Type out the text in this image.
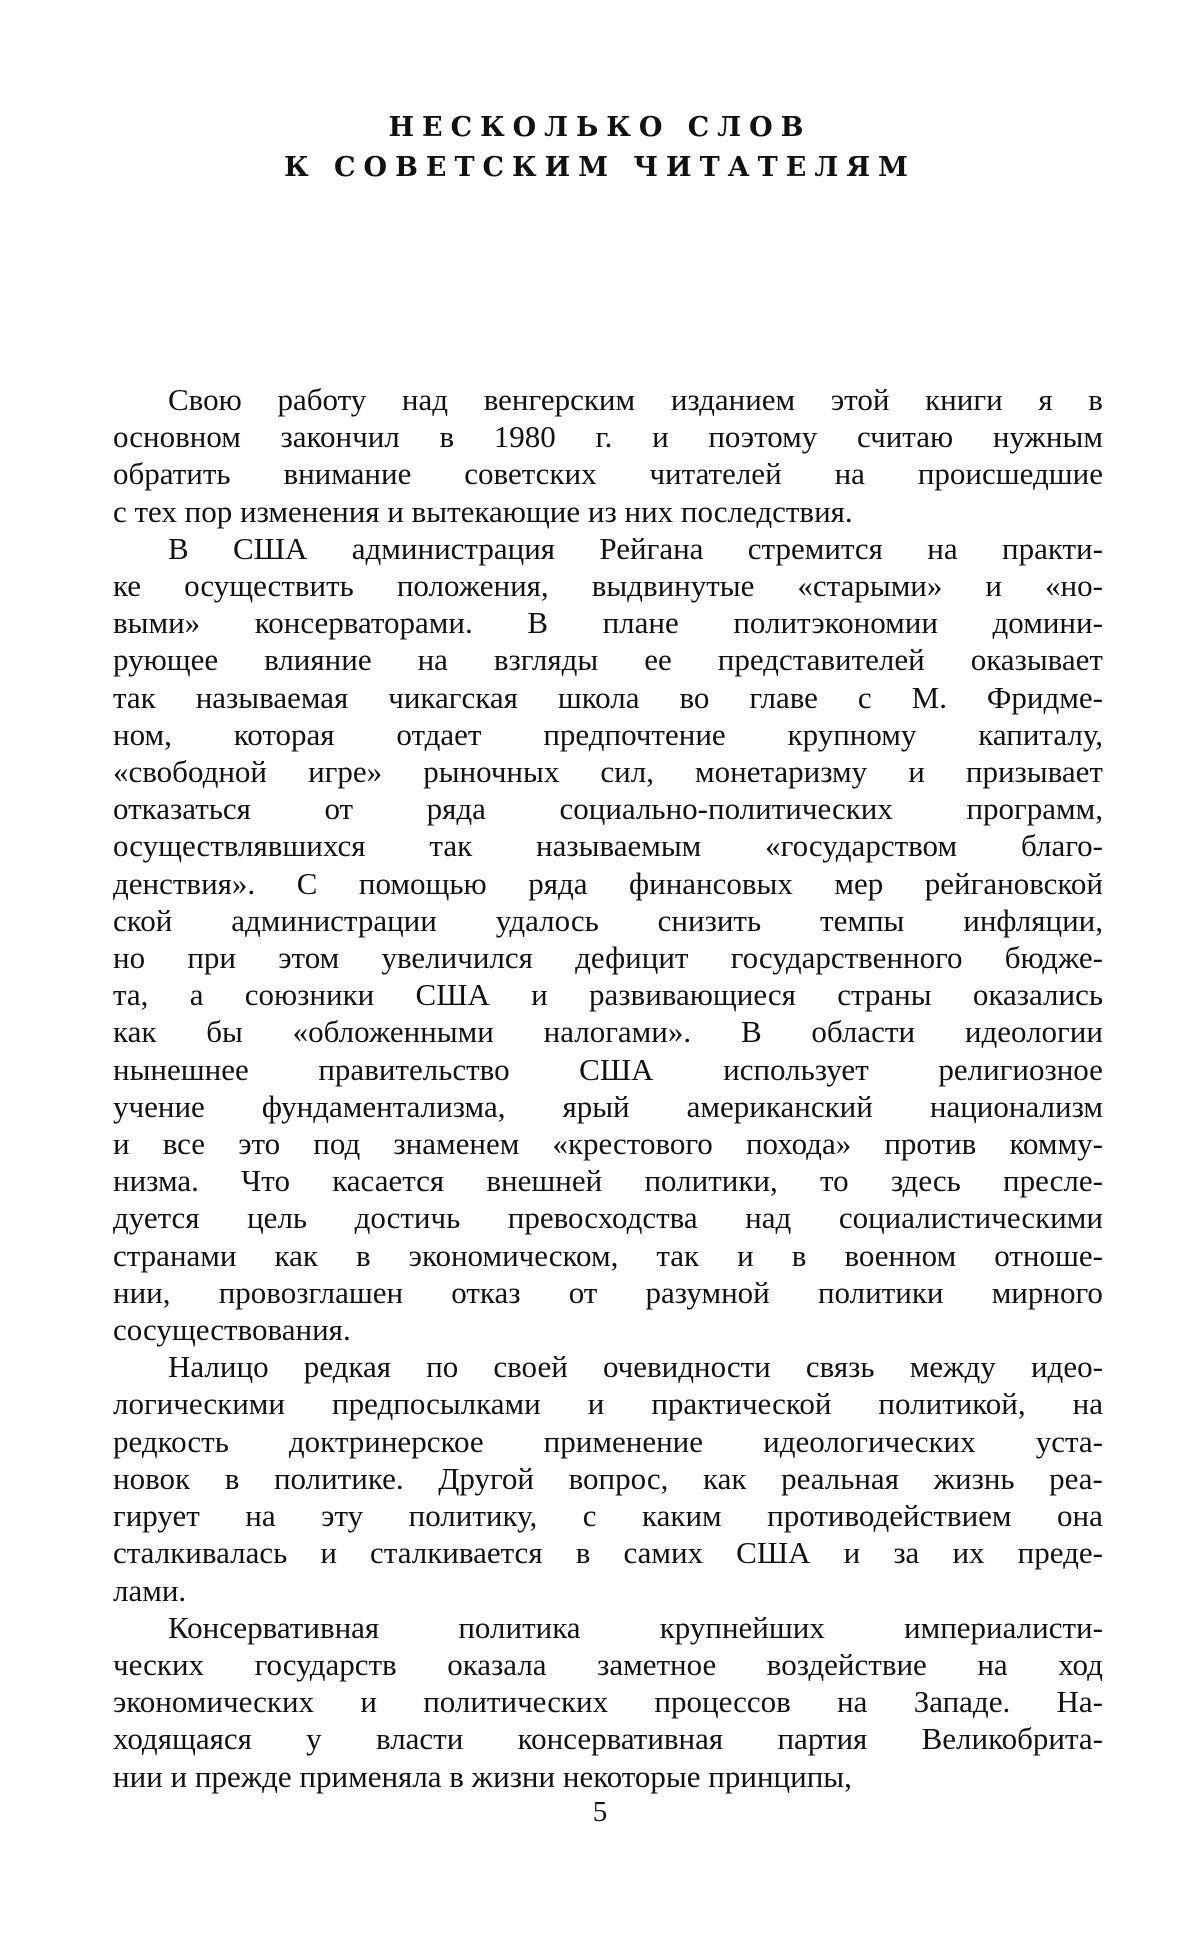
НЕСКОЛЬКО СЛОВ
К СОВЕТСКИМ ЧИТАТЕЛЯМ
Свою работу над венгерским изданием этой книги я в
основном закончил в 1980 г. и поэтому считаю нужным
обратить внимание советских читателей на происшедшие
с тех пор изменения и вытекающие из них последствия.
В США администрация Рейгана стремится на практи-
ке осуществить положения, выдвинутые «старыми» и «но-
выми» консерваторами. В плане политэкономии домини-
рующее влияние на взгляды ее представителей оказывает
так называемая чикагская школа во главе с М. Фридме-
ном, которая отдает предпочтение крупному капиталу,
«свободной игре» рыночных сил, монетаризму и призывает
отказаться от ряда социально-политических программ,
осуществлявшихся так называемым «государством благо-
денствия». С помощью ряда финансовых мер рейгановской
ской администрации удалось снизить темпы инфляции,
но при этом увеличился дефицит государственного бюдже-
та, а союзники США и развивающиеся страны оказались
как бы «обложенными налогами». В области идеологии
нынешнее правительство США использует религиозное
учение фундаментализма, ярый американский национализм
и все это под знаменем «крестового похода» против комму-
низма. Что касается внешней политики, то здесь пресле-
дуется цель достичь превосходства над социалистическими
странами как в экономическом, так и в военном отноше-
нии, провозглашен отказ от разумной политики мирного
сосуществования.
Налицо редкая по своей очевидности связь между идео-
логическими предпосылками и практической политикой, на
редкость доктринерское применение идеологических уста-
новок в политике. Другой вопрос, как реальная жизнь реа-
гирует на эту политику, с каким противодействием она
сталкивалась и сталкивается в самих США и за их преде-
лами.
Консервативная	политика	крупнейших	империалисти-
ческих государств оказала заметное воздействие на ход
экономических и политических процессов на Западе. На-
ходящаяся у власти консервативная партия Великобрита-
нии и прежде применяла в жизни некоторые принципы,
5
